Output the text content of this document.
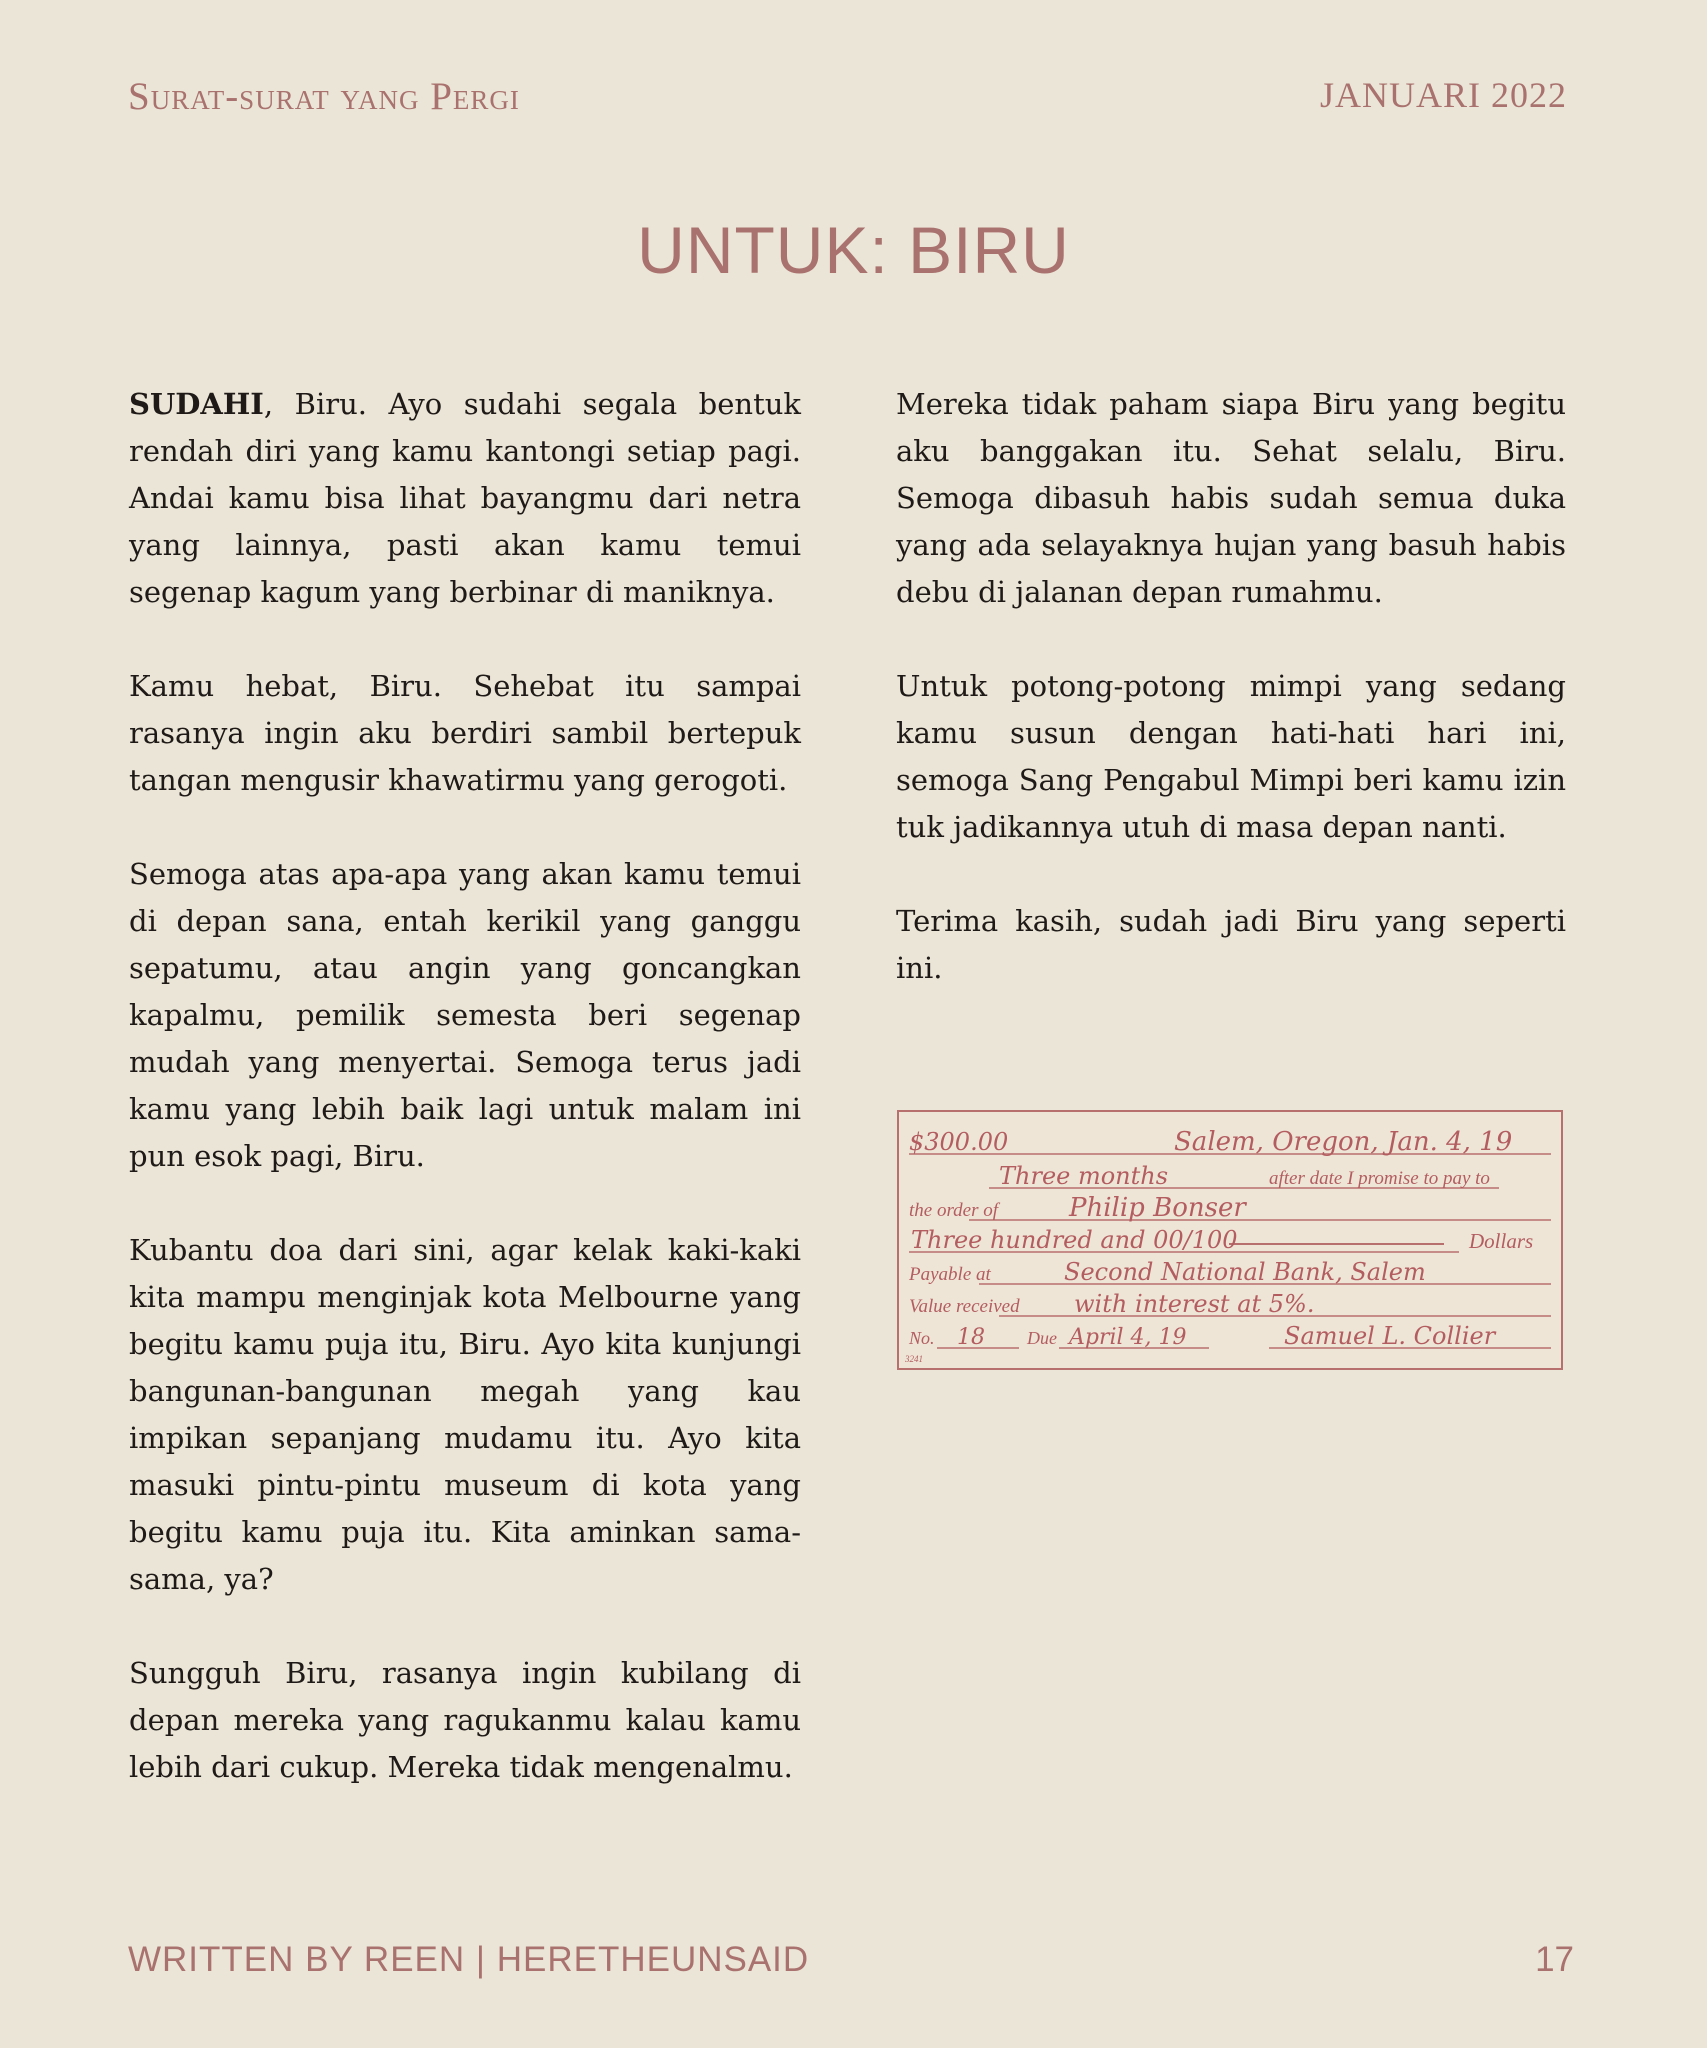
Surat-surat yang Pergi	JANUARI 2022
UNTUK: BIRU

SUDAHI, Biru. Ayo sudahi segala bentuk rendah diri yang kamu kantongi setiap pagi. Andai kamu bisa lihat bayangmu dari netra yang lainnya, pasti akan kamu temui segenap kagum yang berbinar di maniknya.

Kamu hebat, Biru. Sehebat itu sampai rasanya ingin aku berdiri sambil bertepuk tangan mengusir khawatirmu yang gerogoti.

Semoga atas apa-apa yang akan kamu temui di depan sana, entah kerikil yang ganggu sepatumu, atau angin yang goncangkan kapalmu, pemilik semesta beri segenap mudah yang menyertai. Semoga terus jadi kamu yang lebih baik lagi untuk malam ini pun esok pagi, Biru.

Kubantu doa dari sini, agar kelak kaki-kaki kita mampu menginjak kota Melbourne yang begitu kamu puja itu, Biru. Ayo kita kunjungi bangunan-bangunan megah yang kau impikan sepanjang mudamu itu. Ayo kita masuki pintu-pintu museum di kota yang begitu kamu puja itu. Kita aminkan sama-sama, ya?

Sungguh Biru, rasanya ingin kubilang di depan mereka yang ragukanmu kalau kamu lebih dari cukup. Mereka tidak mengenalmu.

Mereka tidak paham siapa Biru yang begitu aku banggakan itu. Sehat selalu, Biru. Semoga dibasuh habis sudah semua duka yang ada selayaknya hujan yang basuh habis debu di jalanan depan rumahmu.

Untuk potong-potong mimpi yang sedang kamu susun dengan hati-hati hari ini, semoga Sang Pengabul Mimpi beri kamu izin tuk jadikannya utuh di masa depan nanti.

Terima kasih, sudah jadi Biru yang seperti ini.

$300.00	Salem, Oregon, Jan. 4, 19
Three months	after date I promise to pay to
the order of	Philip Bonser
Three hundred and 00/100	Dollars
Payable at	Second National Bank, Salem
Value received with interest at 5%.
No. 18 Due April 4, 19	Samuel L. Collier
3241
WRITTEN BY REEN | HERETHEUNSAID	17
